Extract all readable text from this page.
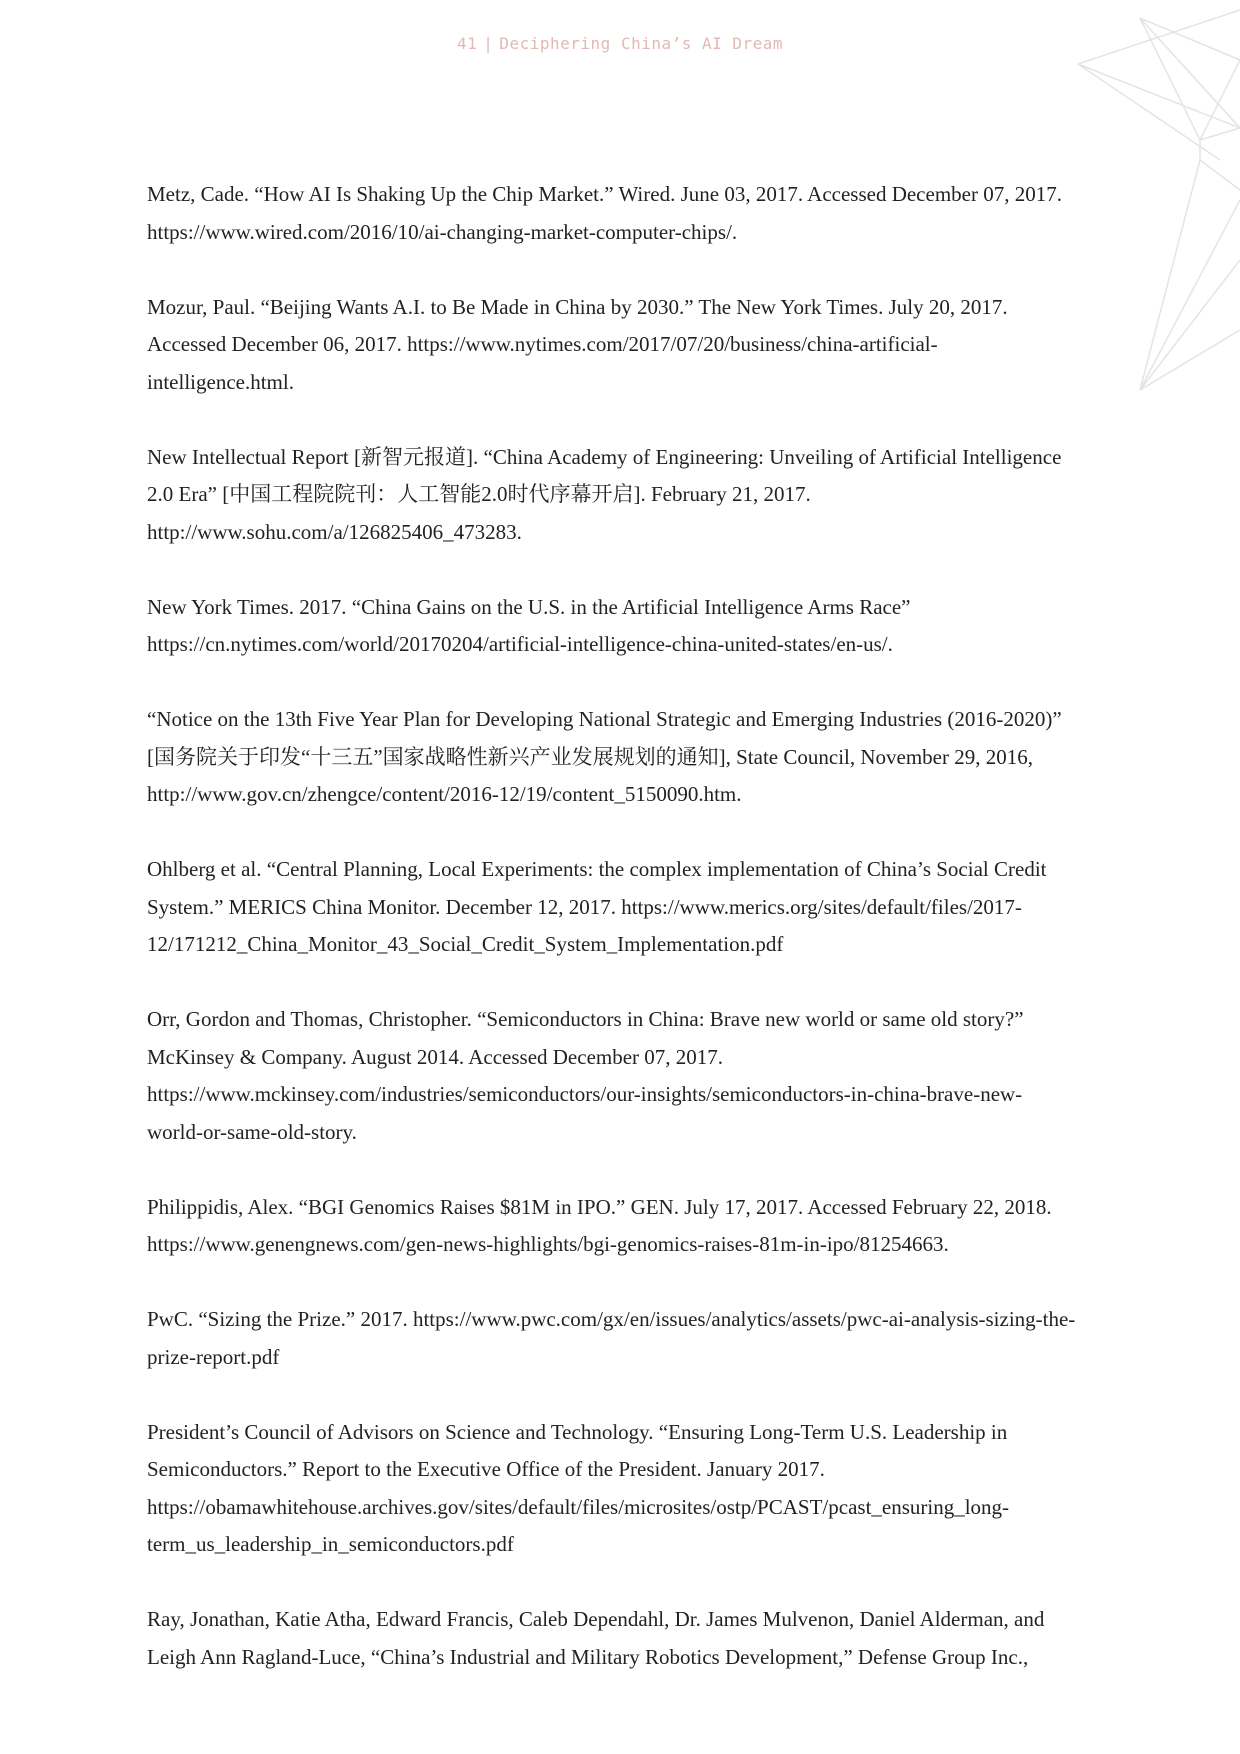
41 | Deciphering China’s AI Dream

Metz, Cade. “How AI Is Shaking Up the Chip Market.” Wired. June 03, 2017. Accessed December 07, 2017. https://www.wired.com/2016/10/ai-changing-market-computer-chips/.

Mozur, Paul. “Beijing Wants A.I. to Be Made in China by 2030.” The New York Times. July 20, 2017. Accessed December 06, 2017. https://www.nytimes.com/2017/07/20/business/china-artificial-intelligence.html.

New Intellectual Report [新智元报道]. “China Academy of Engineering: Unveiling of Artificial Intelligence 2.0 Era” [中国工程院院刊：人工智能2.0时代序幕开启]. February 21, 2017. http://www.sohu.com/a/126825406_473283.

New York Times. 2017. “China Gains on the U.S. in the Artificial Intelligence Arms Race” https://cn.nytimes.com/world/20170204/artificial-intelligence-china-united-states/en-us/.

“Notice on the 13th Five Year Plan for Developing National Strategic and Emerging Industries (2016-2020)” [国务院关于印发“十三五”国家战略性新兴产业发展规划的通知], State Council, November 29, 2016, http://www.gov.cn/zhengce/content/2016-12/19/content_5150090.htm.

Ohlberg et al. “Central Planning, Local Experiments: the complex implementation of China’s Social Credit System.” MERICS China Monitor. December 12, 2017. https://www.merics.org/sites/default/files/2017-12/171212_China_Monitor_43_Social_Credit_System_Implementation.pdf

Orr, Gordon and Thomas, Christopher. “Semiconductors in China: Brave new world or same old story?” McKinsey & Company. August 2014. Accessed December 07, 2017. https://www.mckinsey.com/industries/semiconductors/our-insights/semiconductors-in-china-brave-new-world-or-same-old-story.

Philippidis, Alex. “BGI Genomics Raises $81M in IPO.” GEN. July 17, 2017. Accessed February 22, 2018. https://www.genengnews.com/gen-news-highlights/bgi-genomics-raises-81m-in-ipo/81254663.

PwC. “Sizing the Prize.” 2017. https://www.pwc.com/gx/en/issues/analytics/assets/pwc-ai-analysis-sizing-the-prize-report.pdf

President’s Council of Advisors on Science and Technology. “Ensuring Long-Term U.S. Leadership in Semiconductors.” Report to the Executive Office of the President. January 2017. https://obamawhitehouse.archives.gov/sites/default/files/microsites/ostp/PCAST/pcast_ensuring_long-term_us_leadership_in_semiconductors.pdf

Ray, Jonathan, Katie Atha, Edward Francis, Caleb Dependahl, Dr. James Mulvenon, Daniel Alderman, and Leigh Ann Ragland-Luce, “China’s Industrial and Military Robotics Development,” Defense Group Inc.,
